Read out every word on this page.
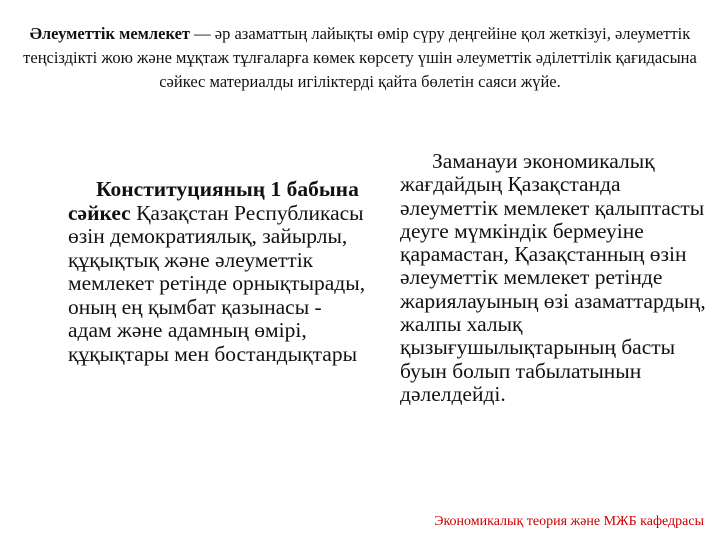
Әлеуметтік мемлекет — әр азаматтың лайықты өмір сүру деңгейіне қол жеткізуі, әлеуметтік теңсіздікті жою және мұқтаж тұлғаларға көмек көрсету үшін әлеуметтік әділеттілік қағидасына сәйкес материалды игіліктерді қайта бөлетін саяси жүйе.
Конституцияның 1 бабына сәйкес Қазақстан Республикасы өзін демократиялық, зайырлы, құқықтық және әлеуметтік мемлекет ретінде орнықтырады, оның ең қымбат қазынасы - адам және адамның өмірі, құқықтары мен бостандықтары
Заманауи экономикалық жағдайдың Қазақстанда әлеуметтік мемлекет қалыптасты деуге мүмкіндік бермеуіне қарамастан, Қазақстанның өзін әлеуметтік мемлекет ретінде жариялауының өзі азаматтардың, жалпы халық қызығушылықтарының басты буын болып табылатынын дәлелдейді.
Экономикалық теория және МЖБ кафедрасы
